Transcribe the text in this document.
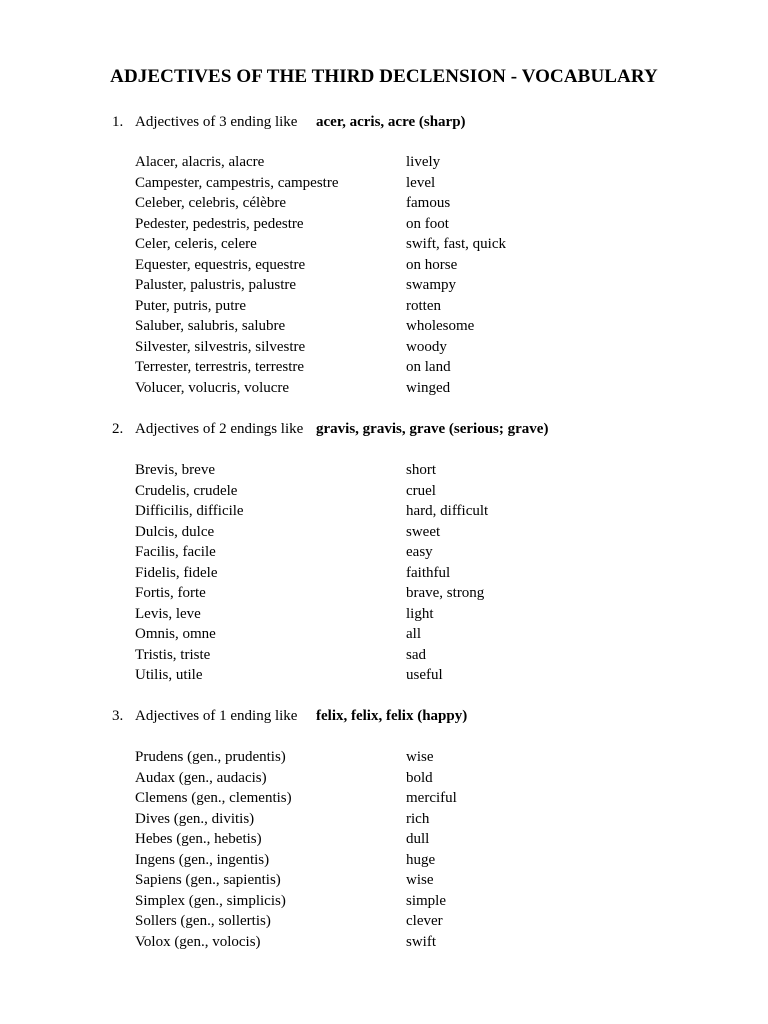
ADJECTIVES OF THE THIRD DECLENSION - VOCABULARY
1. Adjectives of 3 ending like acer, acris, acre (sharp)
Alacer, alacris, alacre	lively
Campester, campestris, campestre	level
Celeber, celebris, célèbre	famous
Pedester, pedestris, pedestre	on foot
Celer, celeris, celere	swift, fast, quick
Equester, equestris, equestre	on horse
Paluster, palustris, palustre	swampy
Puter, putris, putre	rotten
Saluber, salubris, salubre	wholesome
Silvester, silvestris, silvestre	woody
Terrester, terrestris, terrestre	on land
Volucer, volucris, volucre	winged
2. Adjectives of 2 endings like gravis, gravis, grave (serious; grave)
Brevis, breve	short
Crudelis, crudele	cruel
Difficilis, difficile	hard, difficult
Dulcis, dulce	sweet
Facilis, facile	easy
Fidelis, fidele	faithful
Fortis, forte	brave, strong
Levis, leve	light
Omnis, omne	all
Tristis, triste	sad
Utilis, utile	useful
3. Adjectives of 1 ending like felix, felix, felix (happy)
Prudens (gen., prudentis)	wise
Audax (gen., audacis)	bold
Clemens (gen., clementis)	merciful
Dives (gen., divitis)	rich
Hebes (gen., hebetis)	dull
Ingens (gen., ingentis)	huge
Sapiens (gen., sapientis)	wise
Simplex (gen., simplicis)	simple
Sollers (gen., sollertis)	clever
Volox (gen., volocis)	swift
